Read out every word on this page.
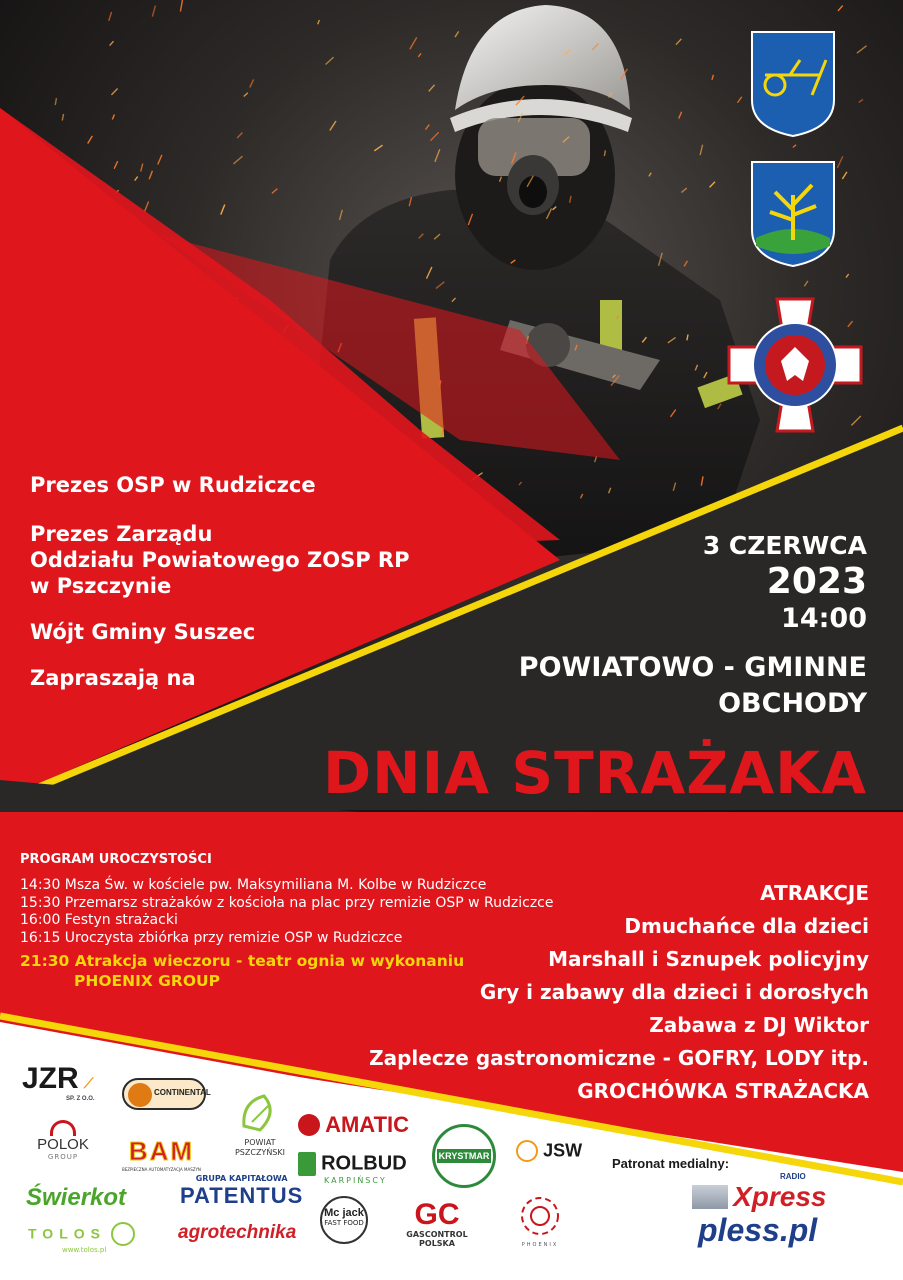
Prezes OSP w Rudziczce
Prezes Zarządu
Oddziału Powiatowego ZOSP RP
w Pszczynie
Wójt Gminy Suszec
Zapraszają na
3 CZERWCA
2023
14:00
POWIATOWO - GMINNE
OBCHODY
DNIA STRAŻAKA
PROGRAM UROCZYSTOŚCI
14:30 Msza Św. w kościele pw. Maksymiliana M. Kolbe w Rudziczce
15:30 Przemarsz strażaków z kościoła na plac przy remizie OSP w Rudziczce
16:00 Festyn strażacki
16:15 Uroczysta zbiórka przy remizie OSP w Rudziczce
21:30 Atrakcja wieczoru - teatr ognia w wykonaniu
PHOENIX GROUP
ATRAKCJE
Dmuchańce dla dzieci
Marshall i Sznupek policyjny
Gry i zabawy dla dzieci i dorosłych
Zabawa z DJ Wiktor
Zaplecze gastronomiczne - GOFRY, LODY itp.
GROCHÓWKA STRAŻACKA
JZR ⟋
SP. Z O.O.
CONTINENTAL
POLOK
GROUP	BAM
BEZPIECZNA AUTOMATYZACJA MASZYN
POWIAT
PSZCZYŃSKI
AMATIC
ROLBUD
KARPIŃSCY
KRYSTMAR	JSW
Świerkot
GRUPA KAPITAŁOWA
PATENTUS
TOLOS
www.tolos.pl
agrotechnika
Mc jack
FAST FOOD	GC
GASCONTROL
POLSKA	PHOENIX
Patronat medialny:
RADIO
Xpress
pless.pl
